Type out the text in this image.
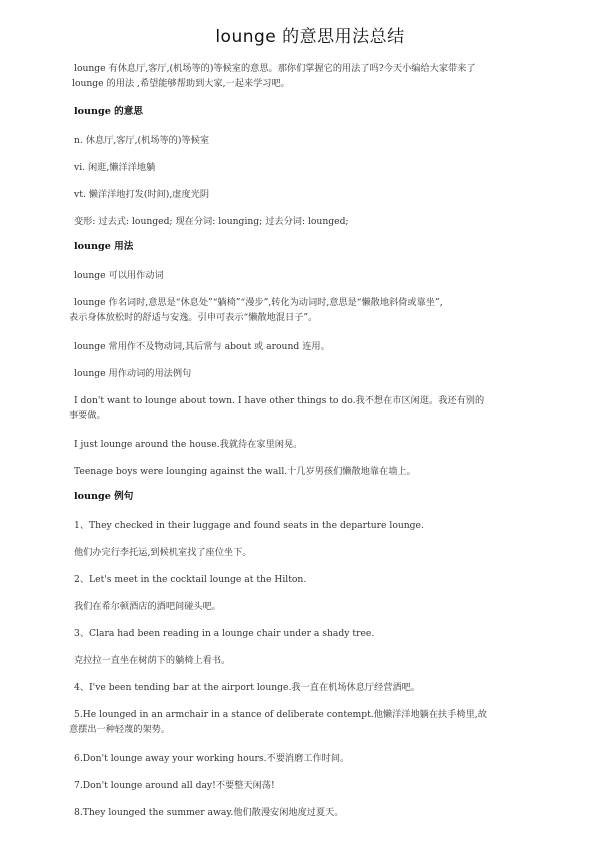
lounge 的意思用法总结

lounge 有休息厅,客厅,(机场等的)等候室的意思。那你们掌握它的用法了吗?今天小编给大家带来了
lounge 的用法 ,希望能够帮助到大家,一起来学习吧。

lounge 的意思

n. 休息厅,客厅,(机场等的)等候室

vi. 闲逛,懒洋洋地躺

vt. 懒洋洋地打发(时间),虚度光阴

变形: 过去式: lounged; 现在分词: lounging; 过去分词: lounged;

lounge 用法

lounge 可以用作动词

lounge 作名词时,意思是“休息处”“躺椅”“漫步”,转化为动词时,意思是“懒散地斜倚或靠坐”,
表示身体放松时的舒适与安逸。引申可表示“懒散地混日子”。

lounge 常用作不及物动词,其后常与 about 或 around 连用。

lounge 用作动词的用法例句

I don't want to lounge about town. I have other things to do.我不想在市区闲逛。我还有别的
事要做。

I just lounge around the house.我就待在家里闲晃。

Teenage boys were lounging against the wall.十几岁男孩们懒散地靠在墙上。

lounge 例句

1、They checked in their luggage and found seats in the departure lounge.

他们办完行李托运,到候机室找了座位坐下。

2、Let's meet in the cocktail lounge at the Hilton.

我们在希尔顿酒店的酒吧间碰头吧。

3、Clara had been reading in a lounge chair under a shady tree.

克拉拉一直坐在树荫下的躺椅上看书。

4、I've been tending bar at the airport lounge.我一直在机场休息厅经营酒吧。

5.He lounged in an armchair in a stance of deliberate contempt.他懒洋洋地躺在扶手椅里,故
意摆出一种轻蔑的架势。

6.Don't lounge away your working hours.不要消磨工作时间。

7.Don't lounge around all day!不要整天闲荡!

8.They lounged the summer away.他们散漫安闲地度过夏天。
